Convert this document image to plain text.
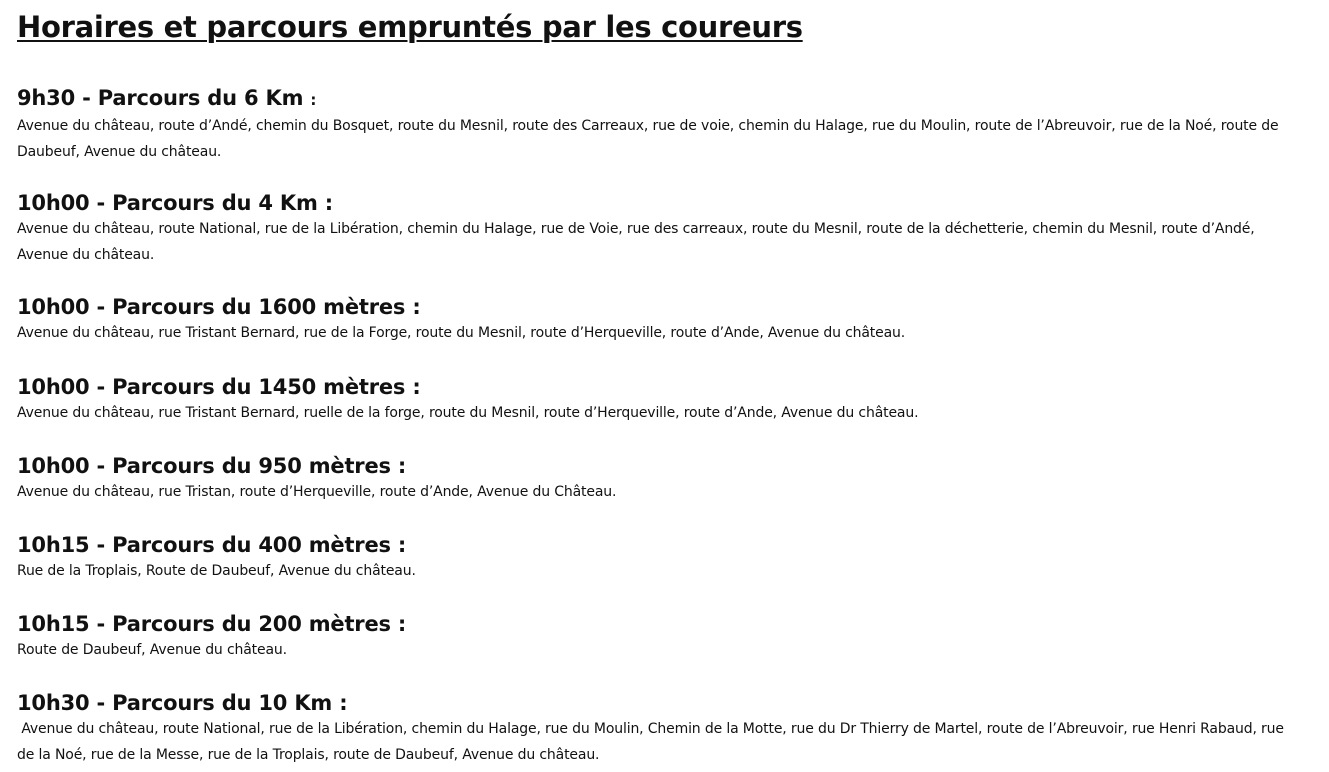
Horaires et parcours empruntés par les coureurs

9h30 - Parcours du 6 Km :

Avenue du château, route d’Andé, chemin du Bosquet, route du Mesnil, route des Carreaux, rue de voie, chemin du Halage, rue du Moulin, route de l’Abreuvoir, rue de la Noé, route de Daubeuf, Avenue du château.

10h00 - Parcours du 4 Km :

Avenue du château, route National, rue de la Libération, chemin du Halage, rue de Voie, rue des carreaux, route du Mesnil, route de la déchetterie, chemin du Mesnil, route d’Andé, Avenue du château.

10h00 - Parcours du 1600 mètres :

Avenue du château, rue Tristant Bernard, rue de la Forge, route du Mesnil, route d’Herqueville, route d’Ande, Avenue du château.

10h00 - Parcours du 1450 mètres :

Avenue du château, rue Tristant Bernard, ruelle de la forge, route du Mesnil, route d’Herqueville, route d’Ande, Avenue du château.

10h00 - Parcours du 950 mètres :

Avenue du château, rue Tristan, route d’Herqueville, route d’Ande, Avenue du Château.

10h15 - Parcours du 400 mètres :

Rue de la Troplais, Route de Daubeuf, Avenue du château.

10h15 - Parcours du 200 mètres :

Route de Daubeuf, Avenue du château.

10h30 - Parcours du 10 Km :

Avenue du château, route National, rue de la Libération, chemin du Halage, rue du Moulin, Chemin de la Motte, rue du Dr Thierry de Martel, route de l’Abreuvoir, rue Henri Rabaud, rue de la Noé, rue de la Messe, rue de la Troplais, route de Daubeuf, Avenue du château.
